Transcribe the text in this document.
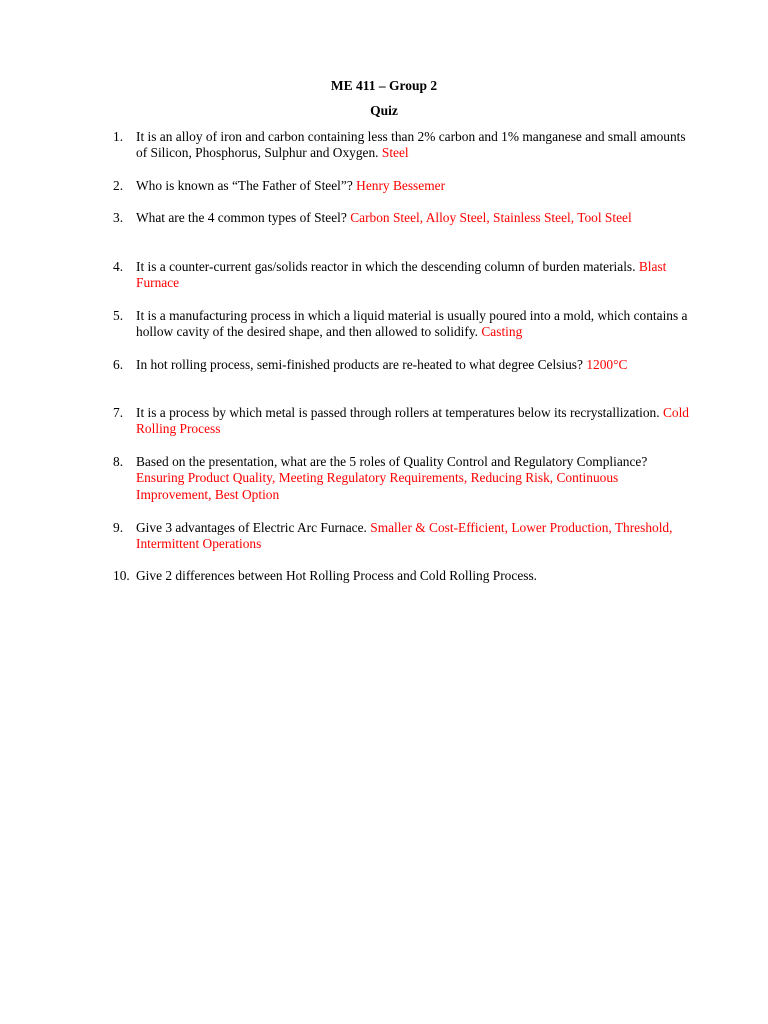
ME 411 – Group 2
Quiz
1. It is an alloy of iron and carbon containing less than 2% carbon and 1% manganese and small amounts of Silicon, Phosphorus, Sulphur and Oxygen. Steel
2. Who is known as “The Father of Steel”? Henry Bessemer
3. What are the 4 common types of Steel? Carbon Steel, Alloy Steel, Stainless Steel, Tool Steel
4. It is a counter-current gas/solids reactor in which the descending column of burden materials. Blast Furnace
5. It is a manufacturing process in which a liquid material is usually poured into a mold, which contains a hollow cavity of the desired shape, and then allowed to solidify. Casting
6. In hot rolling process, semi-finished products are re-heated to what degree Celsius? 1200°C
7. It is a process by which metal is passed through rollers at temperatures below its recrystallization. Cold Rolling Process
8. Based on the presentation, what are the 5 roles of Quality Control and Regulatory Compliance? Ensuring Product Quality, Meeting Regulatory Requirements, Reducing Risk, Continuous Improvement, Best Option
9. Give 3 advantages of Electric Arc Furnace. Smaller & Cost-Efficient, Lower Production, Threshold, Intermittent Operations
10. Give 2 differences between Hot Rolling Process and Cold Rolling Process.
